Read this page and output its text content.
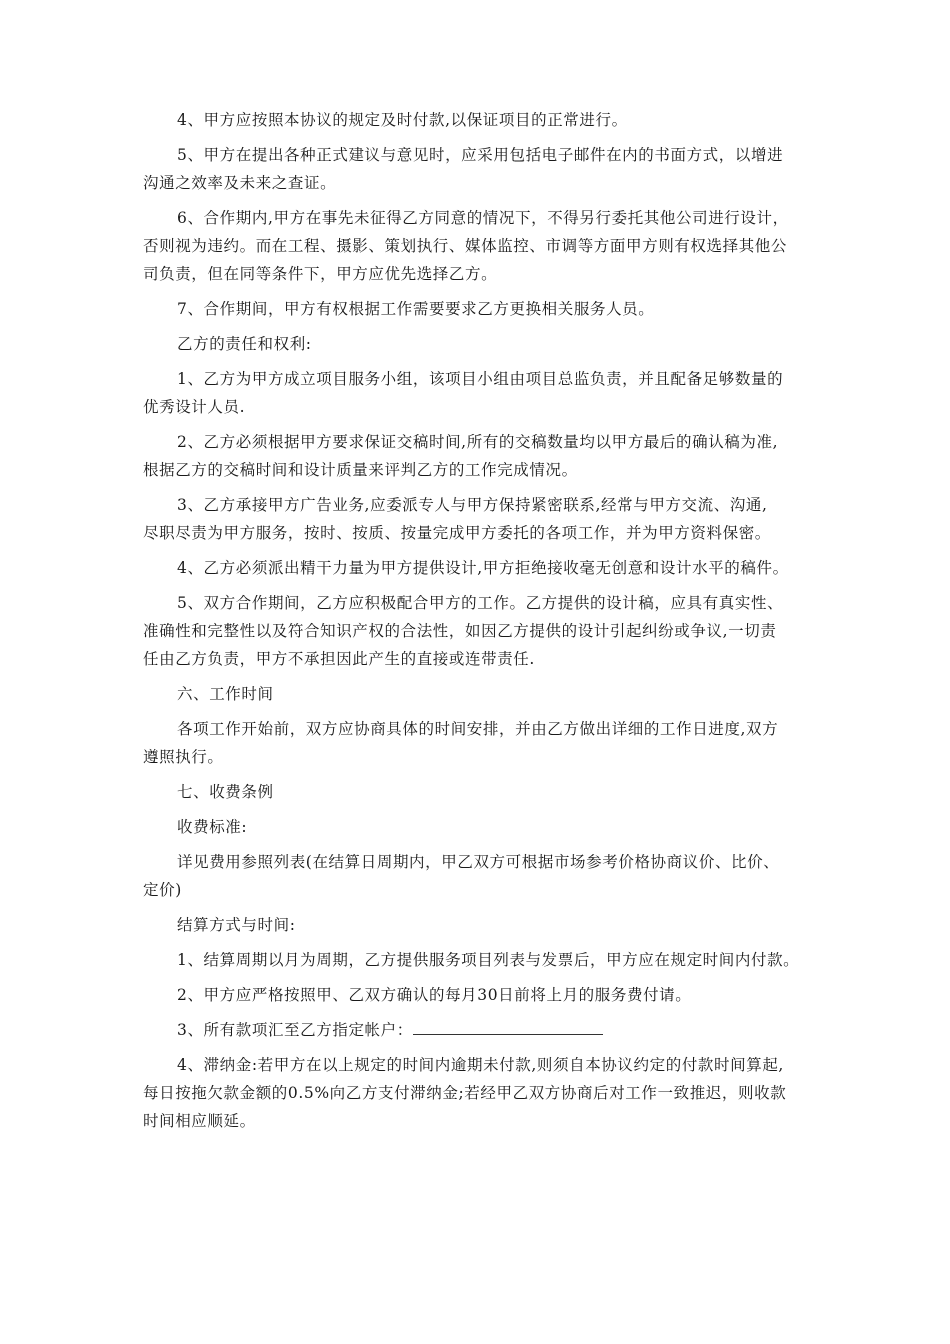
4、甲方应按照本协议的规定及时付款,以保证项目的正常进行。

5、甲方在提出各种正式建议与意见时，应采用包括电子邮件在内的书面方式，以增进
沟通之效率及未来之查证。

6、合作期内,甲方在事先未征得乙方同意的情况下，不得另行委托其他公司进行设计，
否则视为违约。而在工程、摄影、策划执行、媒体监控、市调等方面甲方则有权选择其他公
司负责，但在同等条件下，甲方应优先选择乙方。

7、合作期间，甲方有权根据工作需要要求乙方更换相关服务人员。

乙方的责任和权利:

1、乙方为甲方成立项目服务小组，该项目小组由项目总监负责，并且配备足够数量的
优秀设计人员.

2、乙方必须根据甲方要求保证交稿时间,所有的交稿数量均以甲方最后的确认稿为准,
根据乙方的交稿时间和设计质量来评判乙方的工作完成情况。

3、乙方承接甲方广告业务,应委派专人与甲方保持紧密联系,经常与甲方交流、沟通,
尽职尽责为甲方服务，按时、按质、按量完成甲方委托的各项工作，并为甲方资料保密。

4、乙方必须派出精干力量为甲方提供设计,甲方拒绝接收毫无创意和设计水平的稿件。

5、双方合作期间，乙方应积极配合甲方的工作。乙方提供的设计稿，应具有真实性、
准确性和完整性以及符合知识产权的合法性，如因乙方提供的设计引起纠纷或争议,一切责
任由乙方负责，甲方不承担因此产生的直接或连带责任.

六、工作时间

各项工作开始前，双方应协商具体的时间安排，并由乙方做出详细的工作日进度,双方
遵照执行。

七、收费条例

收费标准:

详见费用参照列表(在结算日周期内，甲乙双方可根据市场参考价格协商议价、比价、
定价)

结算方式与时间:

1、结算周期以月为周期，乙方提供服务项目列表与发票后，甲方应在规定时间内付款。

2、甲方应严格按照甲、乙双方确认的每月30日前将上月的服务费付请。

3、所有款项汇至乙方指定帐户：

4、滞纳金:若甲方在以上规定的时间内逾期未付款,则须自本协议约定的付款时间算起,
每日按拖欠款金额的0.5%向乙方支付滞纳金;若经甲乙双方协商后对工作一致推迟，则收款
时间相应顺延。
